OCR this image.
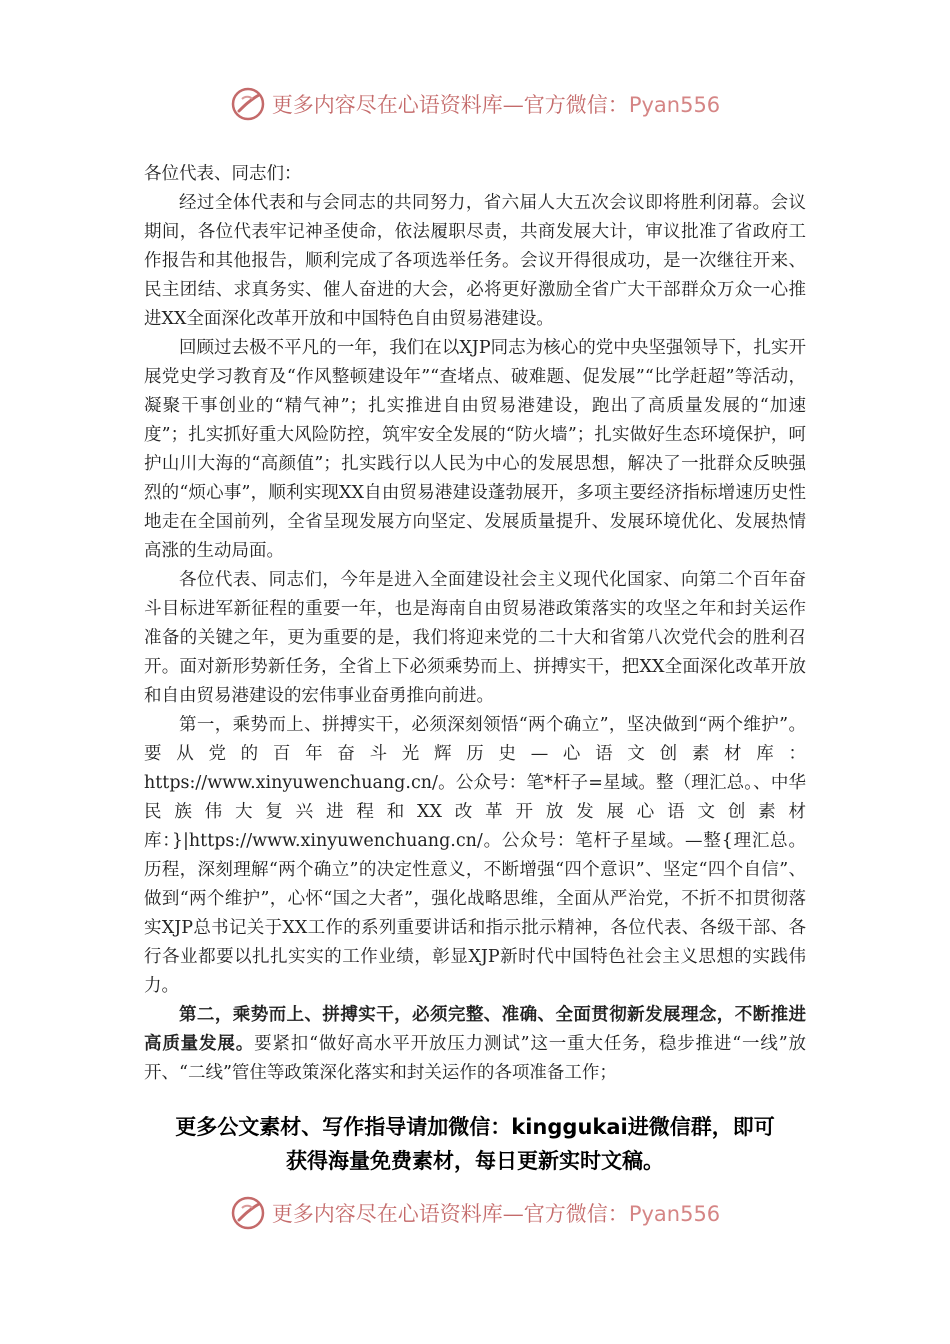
更多内容尽在心语资料库—官方微信：Pyan556

各位代表、同志们：

经过全体代表和与会同志的共同努力，省六届人大五次会议即将胜利闭幕。会议期间，各位代表牢记神圣使命，依法履职尽责，共商发展大计，审议批准了省政府工作报告和其他报告，顺利完成了各项选举任务。会议开得很成功，是一次继往开来、民主团结、求真务实、催人奋进的大会，必将更好激励全省广大干部群众万众一心推进XX全面深化改革开放和中国特色自由贸易港建设。

回顾过去极不平凡的一年，我们在以XJP同志为核心的党中央坚强领导下，扎实开展党史学习教育及“作风整顿建设年”“查堵点、破难题、促发展”“比学赶超”等活动，凝聚干事创业的“精气神”；扎实推进自由贸易港建设，跑出了高质量发展的“加速度”；扎实抓好重大风险防控，筑牢安全发展的“防火墙”；扎实做好生态环境保护，呵护山川大海的“高颜值”；扎实践行以人民为中心的发展思想，解决了一批群众反映强烈的“烦心事”，顺利实现XX自由贸易港建设蓬勃展开，多项主要经济指标增速历史性地走在全国前列，全省呈现发展方向坚定、发展质量提升、发展环境优化、发展热情高涨的生动局面。

各位代表、同志们，今年是进入全面建设社会主义现代化国家、向第二个百年奋斗目标进军新征程的重要一年，也是海南自由贸易港政策落实的攻坚之年和封关运作准备的关键之年，更为重要的是，我们将迎来党的二十大和省第八次党代会的胜利召开。面对新形势新任务，全省上下必须乘势而上、拼搏实干，把XX全面深化改革开放和自由贸易港建设的宏伟事业奋勇推向前进。

第一，乘势而上、拼搏实干，必须深刻领悟“两个确立”，坚决做到“两个维护”。要从党的百年奋斗光辉历史—心语文创素材库：https://www.xinyuwenchuang.cn/。公众号：笔*杆子=星域。整（理汇总。、中华民族伟大复兴进程和XX改革开放发展心语文创素材库：}|https://www.xinyuwenchuang.cn/。公众号：笔杆子星域。—整{理汇总。历程，深刻理解“两个确立”的决定性意义，不断增强“四个意识”、坚定“四个自信”、做到“两个维护”，心怀“国之大者”，强化战略思维，全面从严治党，不折不扣贯彻落实XJP总书记关于XX工作的系列重要讲话和指示批示精神，各位代表、各级干部、各行各业都要以扎扎实实的工作业绩，彰显XJP新时代中国特色社会主义思想的实践伟力。

第二，乘势而上、拼搏实干，必须完整、准确、全面贯彻新发展理念，不断推进高质量发展。要紧扣“做好高水平开放压力测试”这一重大任务，稳步推进“一线”放开、“二线”管住等政策深化落实和封关运作的各项准备工作；

更多公文素材、写作指导请加微信：kinggukai进微信群，即可
获得海量免费素材，每日更新实时文稿。
更多内容尽在心语资料库—官方微信：Pyan556
